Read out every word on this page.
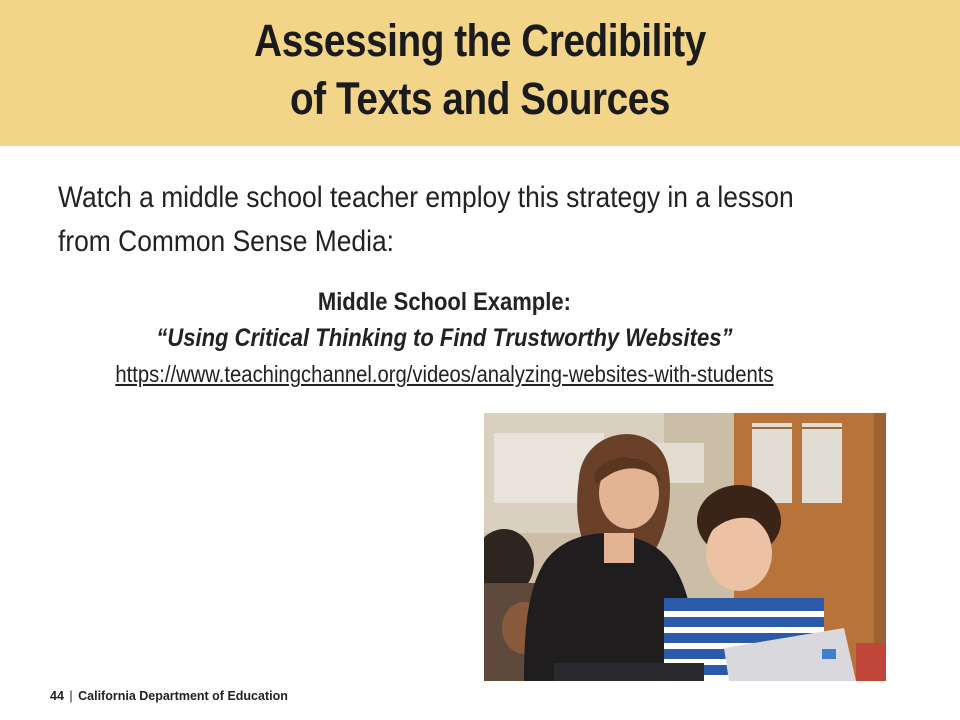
Assessing the Credibility
of Texts and Sources
Watch a middle school teacher employ this strategy in a lesson
from Common Sense Media:
Middle School Example:
“Using Critical Thinking to Find Trustworthy Websites”
https://www.teachingchannel.org/videos/analyzing-websites-with-students
44 | California Department of Education
